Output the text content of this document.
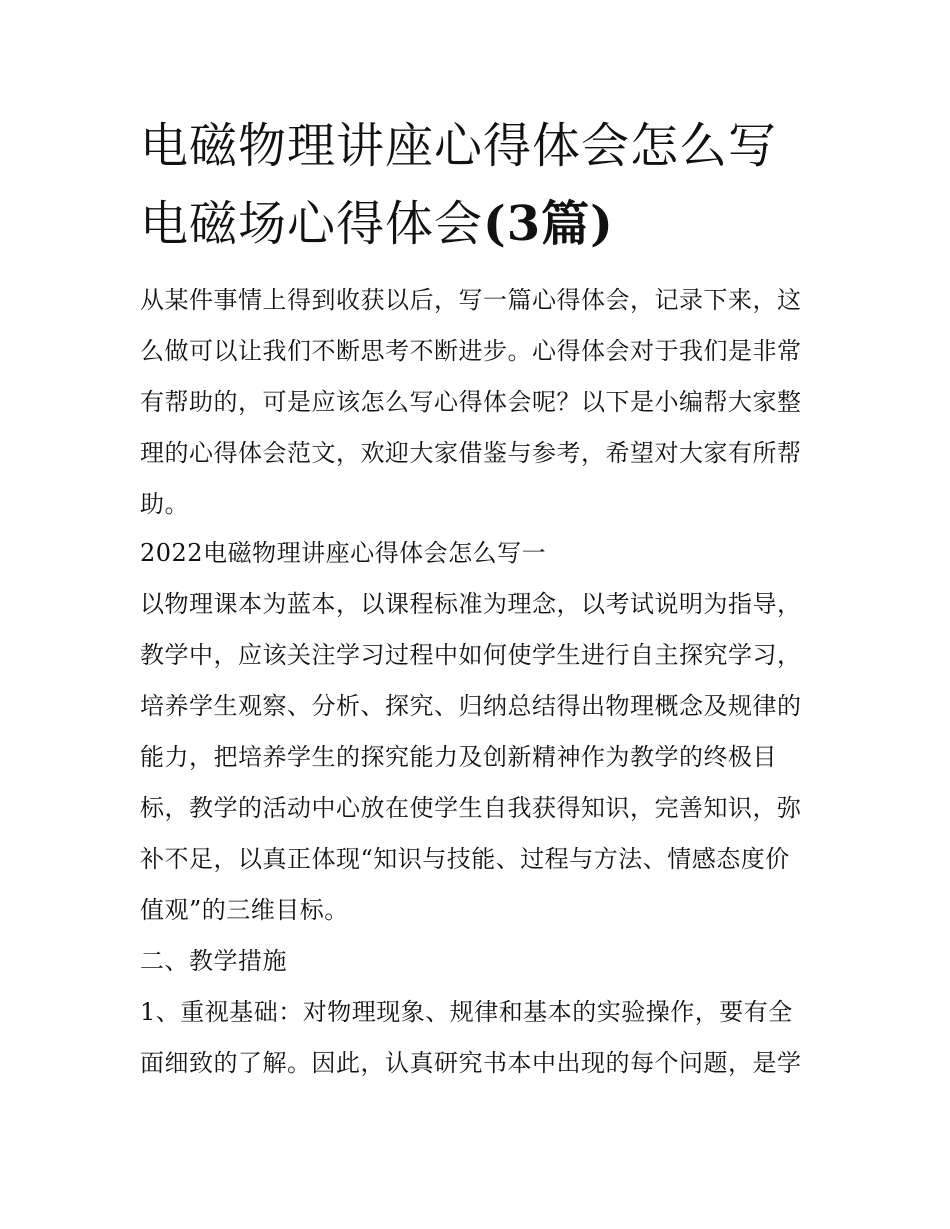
电磁物理讲座心得体会怎么写
电磁场心得体会(3篇)
从某件事情上得到收获以后，写一篇心得体会，记录下来，这
么做可以让我们不断思考不断进步。心得体会对于我们是非常
有帮助的，可是应该怎么写心得体会呢？以下是小编帮大家整
理的心得体会范文，欢迎大家借鉴与参考，希望对大家有所帮
助。
2022电磁物理讲座心得体会怎么写一
以物理课本为蓝本，以课程标准为理念，以考试说明为指导，
教学中，应该关注学习过程中如何使学生进行自主探究学习，
培养学生观察、分析、探究、归纳总结得出物理概念及规律的
能力，把培养学生的探究能力及创新精神作为教学的终极目
标，教学的活动中心放在使学生自我获得知识，完善知识，弥
补不足，以真正体现“知识与技能、过程与方法、情感态度价
值观”的三维目标。
二、教学措施
1、重视基础：对物理现象、规律和基本的实验操作，要有全
面细致的了解。因此，认真研究书本中出现的每个问题，是学
